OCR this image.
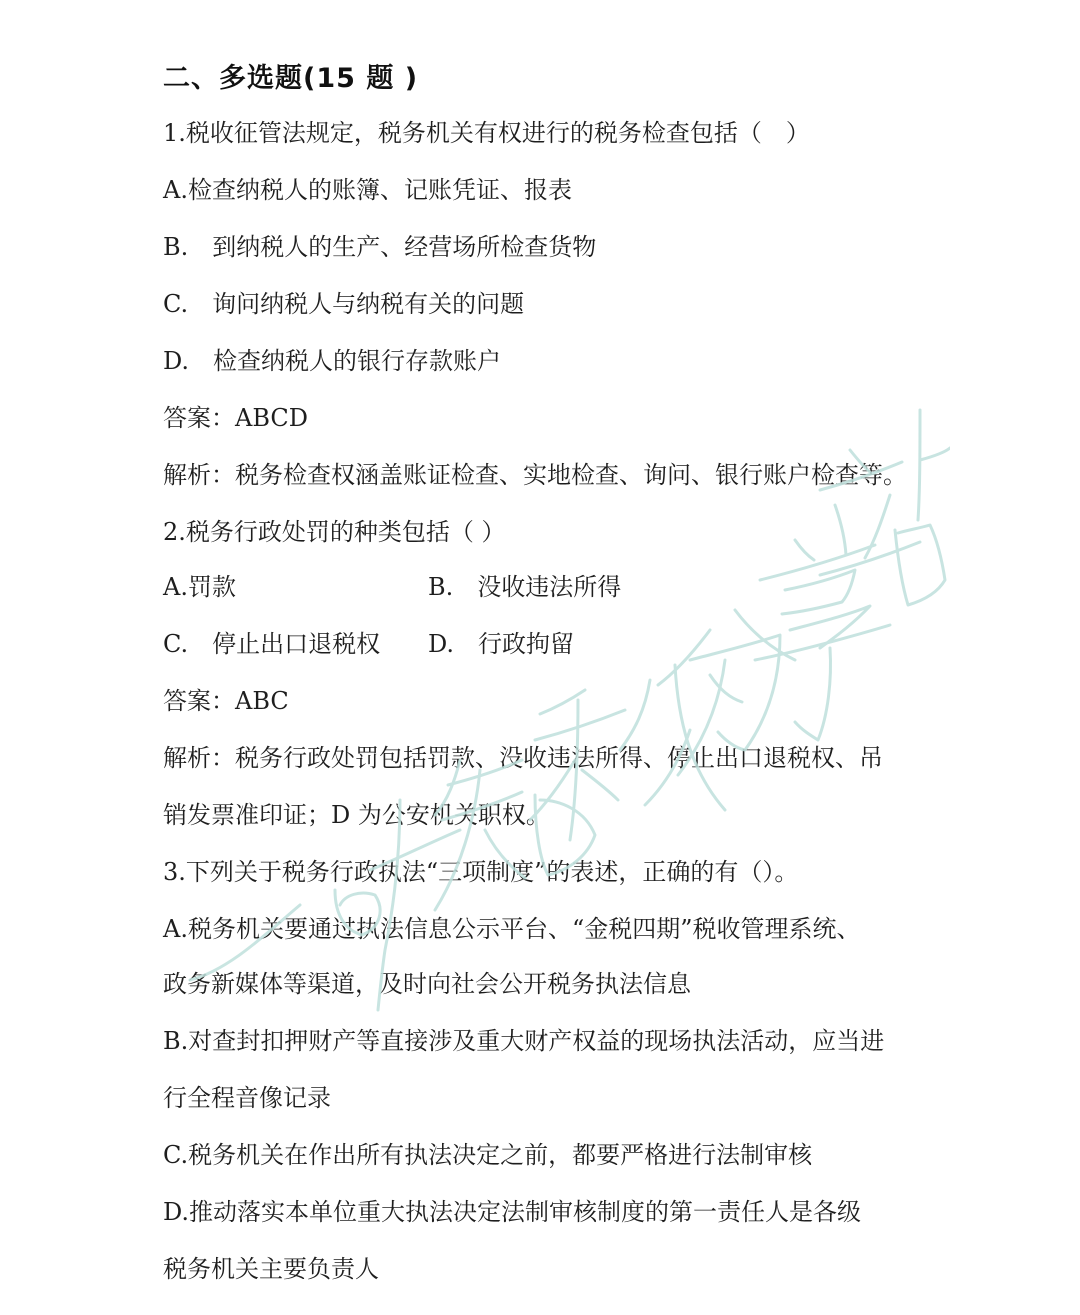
二、多选题(15 题 )
1.税收征管法规定，税务机关有权进行的税务检查包括（　）
A.检查纳税人的账簿、记账凭证、报表
B.　到纳税人的生产、经营场所检查货物
C.　询问纳税人与纳税有关的问题
D.　检查纳税人的银行存款账户
答案：ABCD
解析：税务检查权涵盖账证检查、实地检查、询问、银行账户检查等。
2.税务行政处罚的种类包括（ ）
A.罚款	B.　没收违法所得
C.　停止出口退税权 D.　行政拘留
答案：ABC
解析：税务行政处罚包括罚款、没收违法所得、停止出口退税权、吊
销发票准印证；D 为公安机关职权。
3.下列关于税务行政执法“三项制度”的表述，正确的有（）。
A.税务机关要通过执法信息公示平台、“金税四期”税收管理系统、
政务新媒体等渠道，及时向社会公开税务执法信息
B.对查封扣押财产等直接涉及重大财产权益的现场执法活动，应当进
行全程音像记录
C.税务机关在作出所有执法决定之前，都要严格进行法制审核
D.推动落实本单位重大执法决定法制审核制度的第一责任人是各级
税务机关主要负责人
